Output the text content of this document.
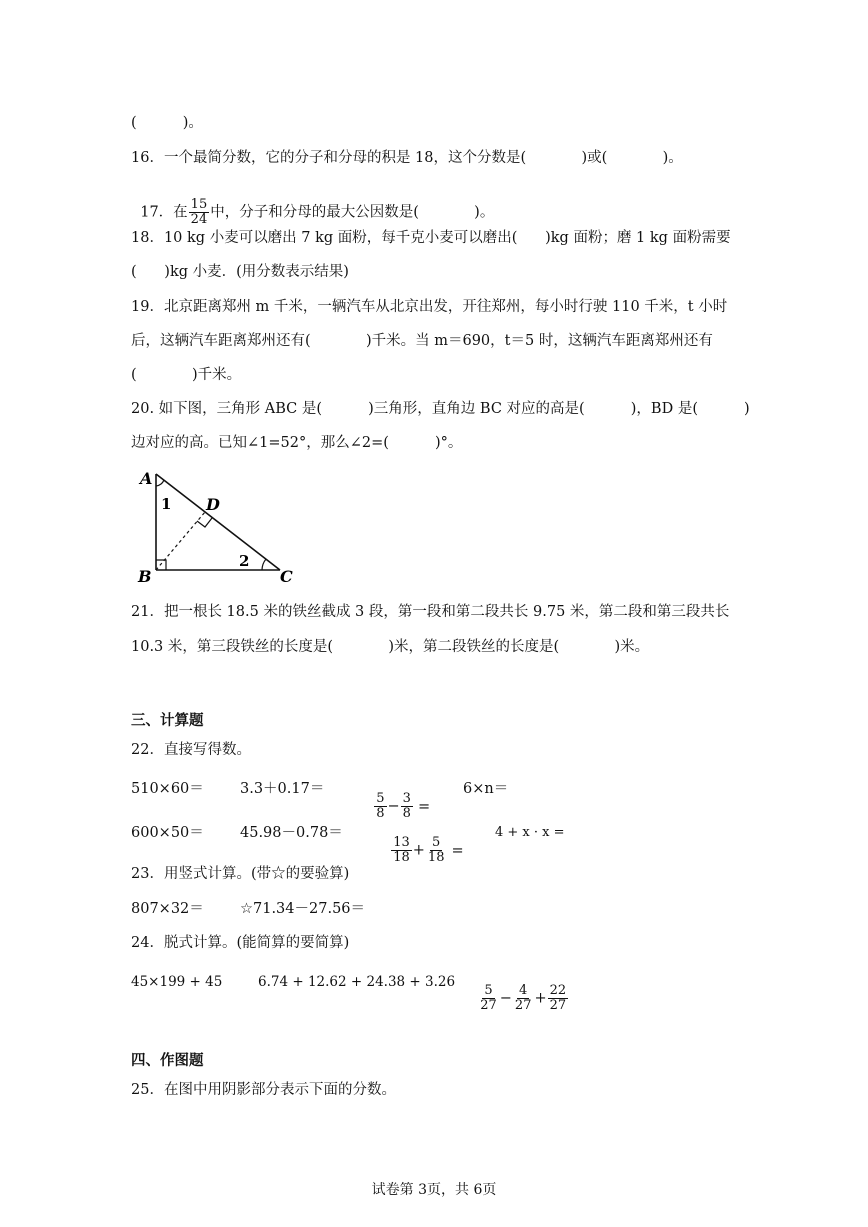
(          )。
16．一个最简分数，它的分子和分母的积是 18，这个分数是(            )或(            )。

17．在 $\frac{15}{24}$ 中，分子和分母的最大公因数是(            )。

18．10 kg 小麦可以磨出 7 kg 面粉，每千克小麦可以磨出(      )kg 面粉；磨 1 kg 面粉需要
(      )kg 小麦．(用分数表示结果)
19．北京距离郑州 m 千米，一辆汽车从北京出发，开往郑州，每小时行驶 110 千米，t 小时
后，这辆汽车距离郑州还有(            )千米。当 m＝690，t＝5 时，这辆汽车距离郑州还有
(            )千米。
20. 如下图，三角形 ABC 是(          )三角形，直角边 BC 对应的高是(          )，BD 是(          )
边对应的高。已知∠1=52°，那么∠2=(          )°。
A
B	C
D
1
2
21．把一根长 18.5 米的铁丝截成 3 段，第一段和第二段共长 9.75 米，第二段和第三段共长
10.3 米，第三段铁丝的长度是(            )米，第二段铁丝的长度是(            )米。
三、计算题
22．直接写得数。
510×60＝ 3.3＋0.17＝

$\frac{5}{8} - \frac{3}{8}$ =

6×n＝
600×50＝ 45.98－0.78＝

$\frac{13}{18} + \frac{5}{18}$ =

4 + x · x =
23．用竖式计算。(带☆的要验算)
807×32＝ ☆71.34－27.56＝
24．脱式计算。(能简算的要简算)
45×199 + 45	6.74 + 12.62 + 24.38 + 3.26

$\frac{5}{27} - \frac{4}{27} + \frac{22}{27}$

四、作图题
25．在图中用阴影部分表示下面的分数。
试卷第 3页，共 6页
